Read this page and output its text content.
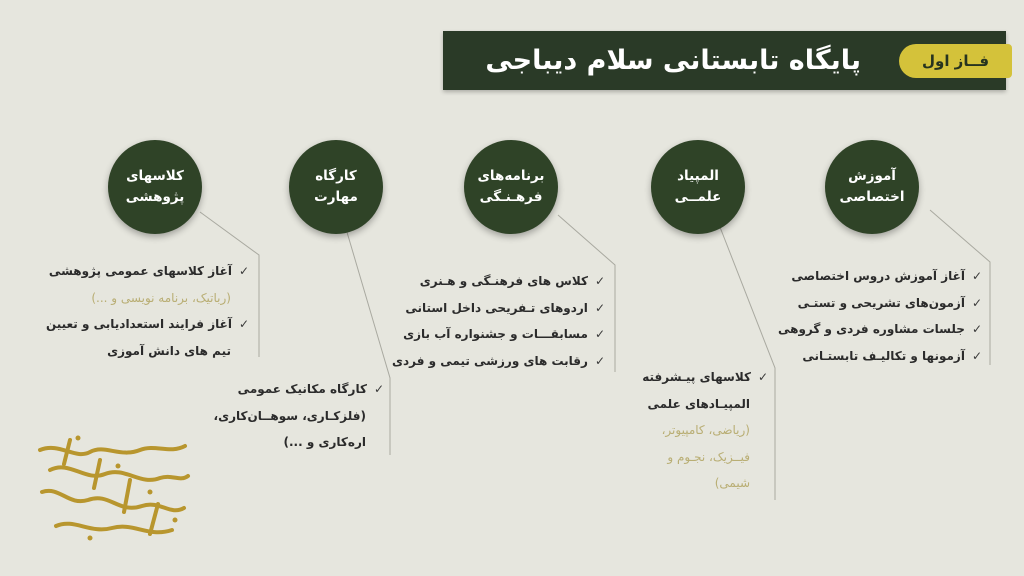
پایگاه تابستانی سلام دیباجی	فــاز اول
آموزش
اختصاصی
المپیاد
علمــی
برنامه‌های
فرهـنـگی
کارگاه
مهارت
کلاسهای
پژوهشی
✓آغاز آموزش دروس اختصاصی
✓آزمون‌های تشریحی و تستـی
✓جلسات مشاوره فردی و گروهی
✓آزمونها و تکالیـف تابستـانی
✓کلاسهای پیـشرفته
المپیـادهای علمی
(ریاضی، کامپیوتر،
فیــزیک، نجـوم و
شیمی)
✓کلاس های فرهنـگی و هـنری
✓اردوهای تـفریحی داخل استانی
✓مسابقـــات و جشنواره آب بازی
✓رقابت های ورزشی تیمی و فردی
✓کارگاه مکانیک عمومی
(فلزکـاری، سوهــان‌کاری،
اره‌کاری و ...)
✓آغاز کلاسهای عمومی پژوهشی
(رباتیک، برنامه نویسی و ...)
✓آغاز فرایند استعدادیابی و تعیین
تیم های دانش آموزی
